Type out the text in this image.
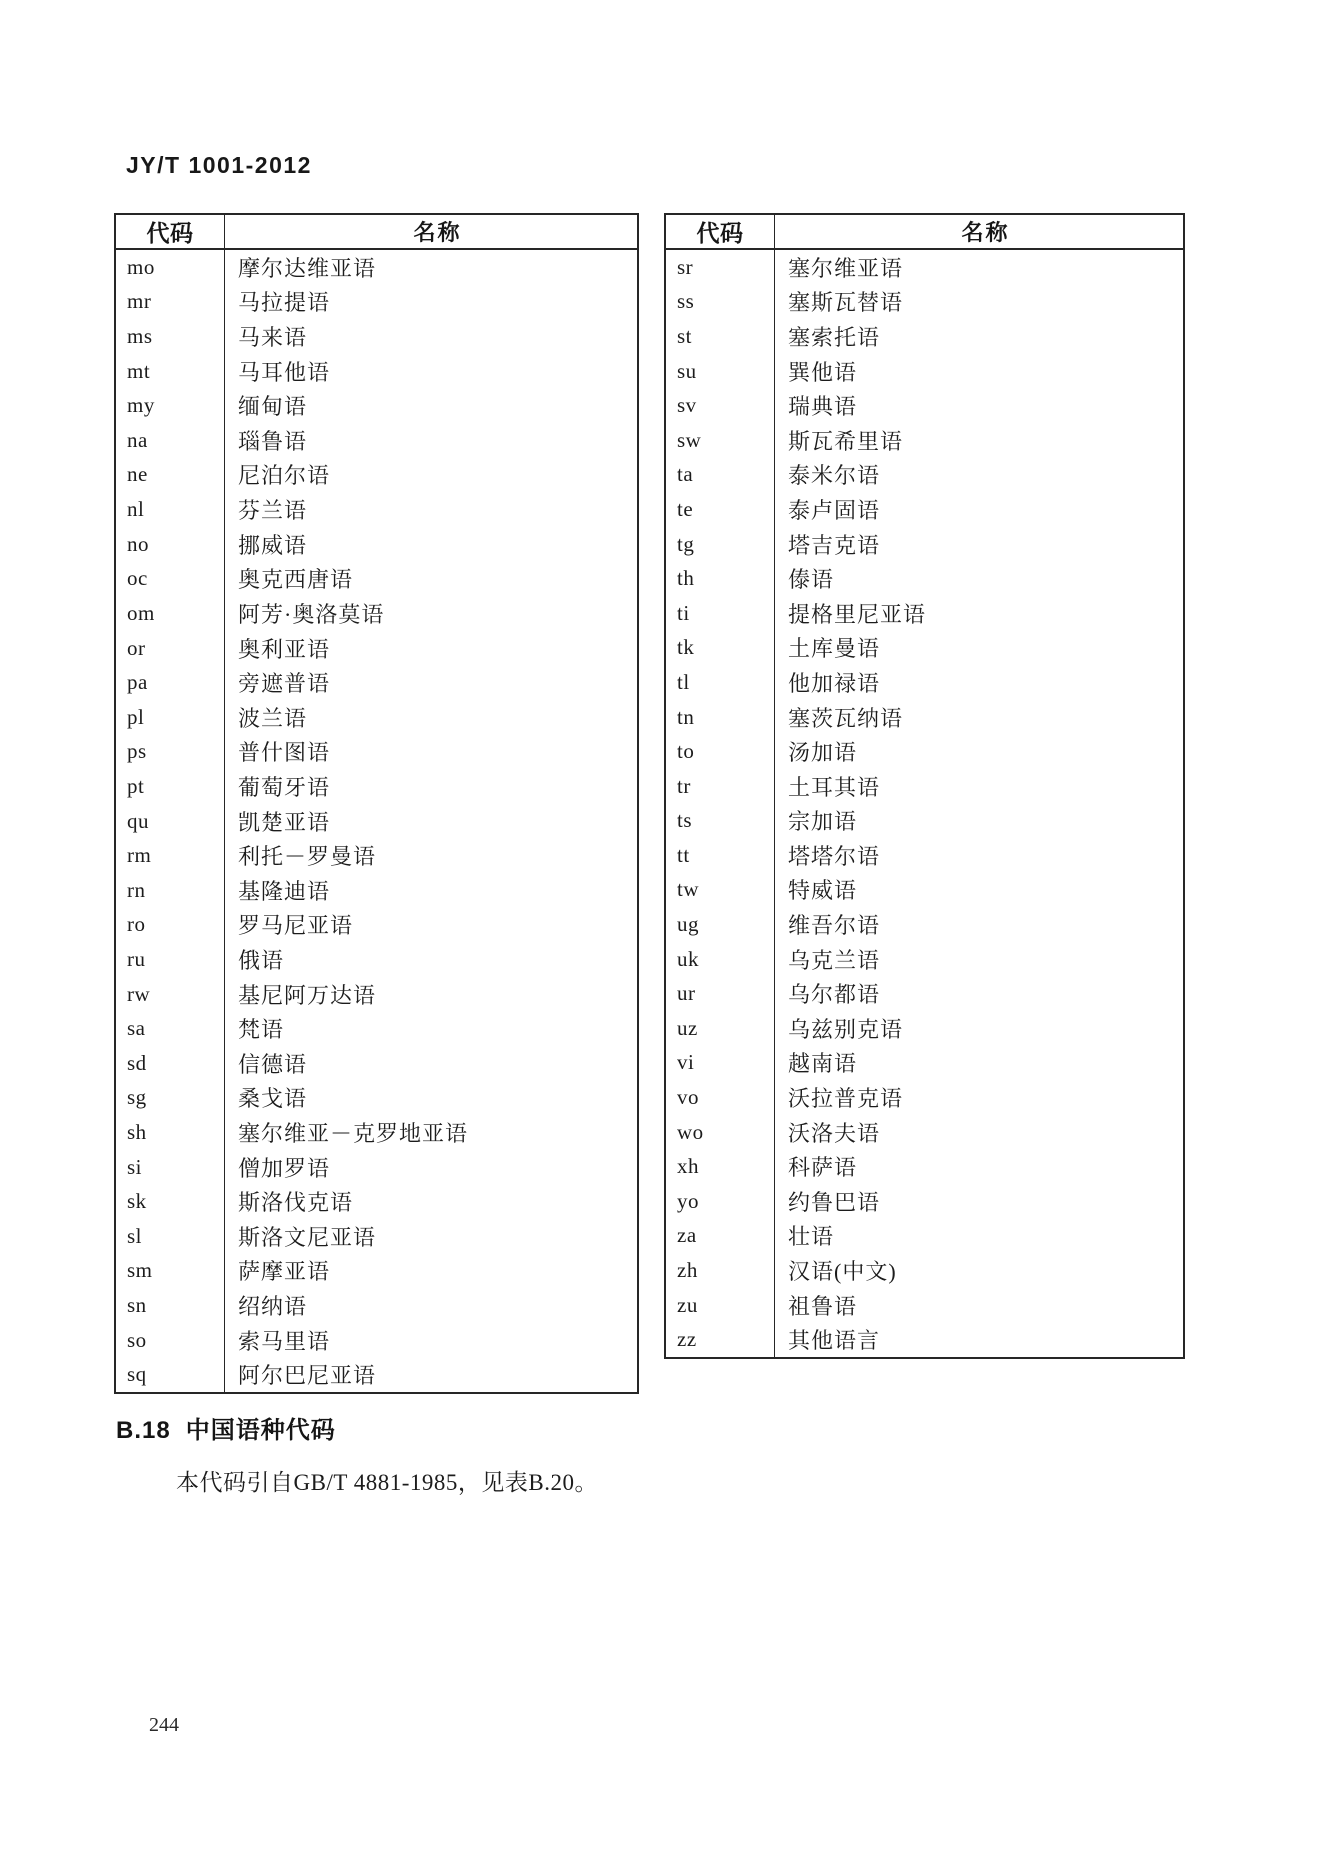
JY/T 1001-2012
代码	名称
mo	摩尔达维亚语
mr	马拉提语
ms	马来语
mt	马耳他语
my	缅甸语
na	瑙鲁语
ne	尼泊尔语
nl	芬兰语
no	挪威语
oc	奥克西唐语
om	阿芳·奥洛莫语
or	奥利亚语
pa	旁遮普语
pl	波兰语
ps	普什图语
pt	葡萄牙语
qu	凯楚亚语
rm	利托－罗曼语
rn	基隆迪语
ro	罗马尼亚语
ru	俄语
rw	基尼阿万达语
sa	梵语
sd	信德语
sg	桑戈语
sh	塞尔维亚－克罗地亚语
si	僧加罗语
sk	斯洛伐克语
sl	斯洛文尼亚语
sm	萨摩亚语
sn	绍纳语
so	索马里语
sq	阿尔巴尼亚语
代码	名称
sr	塞尔维亚语
ss	塞斯瓦替语
st	塞索托语
su	巽他语
sv	瑞典语
sw	斯瓦希里语
ta	泰米尔语
te	泰卢固语
tg	塔吉克语
th	傣语
ti	提格里尼亚语
tk	土库曼语
tl	他加禄语
tn	塞茨瓦纳语
to	汤加语
tr	土耳其语
ts	宗加语
tt	塔塔尔语
tw	特威语
ug	维吾尔语
uk	乌克兰语
ur	乌尔都语
uz	乌兹别克语
vi	越南语
vo	沃拉普克语
wo	沃洛夫语
xh	科萨语
yo	约鲁巴语
za	壮语
zh	汉语(中文)
zu	祖鲁语
zz	其他语言
B.18 中国语种代码
本代码引自GB/T 4881-1985，见表B.20。
244
